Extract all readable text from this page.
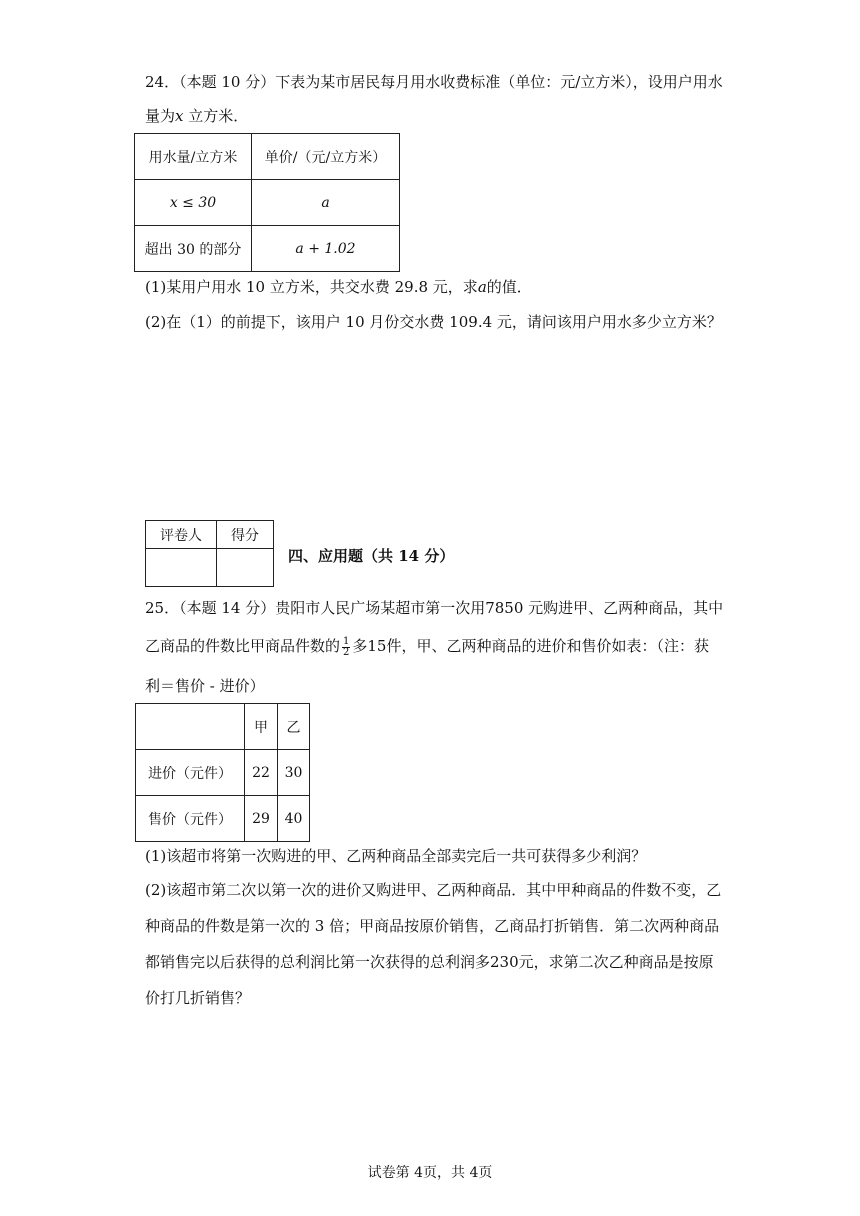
24．（本题 10 分）下表为某市居民每月用水收费标准（单位：元/立方米），设用户用水
量为x 立方米．
用水量/立方米	单价/（元/立方米）
x ≤ 30	a
超出 30 的部分	a + 1.02
(1)某用户用水 10 立方米，共交水费 29.8 元，求a的值．
(2)在（1）的前提下，该用户 10 月份交水费 109.4 元，请问该用户用水多少立方米？
评卷人	得分

四、应用题（共 14 分）
25．（本题 14 分）贵阳市人民广场某超市第一次用7850 元购进甲、乙两种商品，其中
乙商品的件数比甲商品件数的 $\frac{1}{2}$ 多15件，甲、乙两种商品的进价和售价如表：（注：获
利＝售价 - 进价）
	甲	乙
进价（元件）	22	30
售价（元件）	29	40
(1)该超市将第一次购进的甲、乙两种商品全部卖完后一共可获得多少利润？
(2)该超市第二次以第一次的进价又购进甲、乙两种商品．其中甲种商品的件数不变，乙
种商品的件数是第一次的 3 倍；甲商品按原价销售，乙商品打折销售．第二次两种商品
都销售完以后获得的总利润比第一次获得的总利润多230元，求第二次乙种商品是按原
价打几折销售？
试卷第 4页，共 4页
